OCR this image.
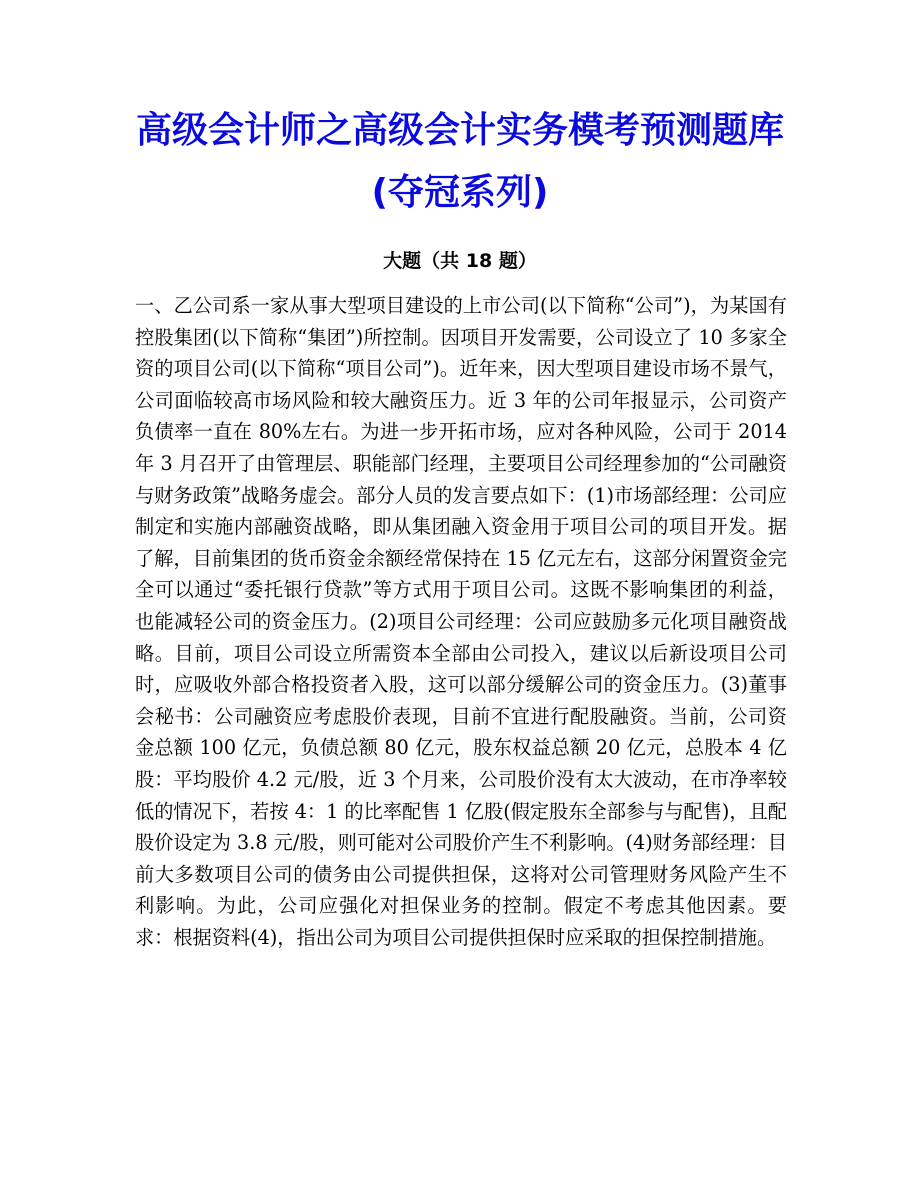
高级会计师之高级会计实务模考预测题库(夺冠系列)
大题（共 18 题）

一、乙公司系一家从事大型项目建设的上市公司(以下简称“公司”)，为某国有控股集团(以下简称“集团”)所控制。因项目开发需要，公司设立了 10 多家全资的项目公司(以下简称“项目公司”)。近年来，因大型项目建设市场不景气，公司面临较高市场风险和较大融资压力。近 3 年的公司年报显示，公司资产负债率一直在 80%左右。为进一步开拓市场，应对各种风险，公司于 2014 年 3 月召开了由管理层、职能部门经理，主要项目公司经理参加的“公司融资与财务政策”战略务虚会。部分人员的发言要点如下：(1)市场部经理：公司应制定和实施内部融资战略，即从集团融入资金用于项目公司的项目开发。据了解，目前集团的货币资金余额经常保持在 15 亿元左右，这部分闲置资金完全可以通过“委托银行贷款”等方式用于项目公司。这既不影响集团的利益，也能减轻公司的资金压力。(2)项目公司经理：公司应鼓励多元化项目融资战略。目前，项目公司设立所需资本全部由公司投入，建议以后新设项目公司时，应吸收外部合格投资者入股，这可以部分缓解公司的资金压力。(3)董事会秘书：公司融资应考虑股价表现，目前不宜进行配股融资。当前，公司资金总额 100 亿元，负债总额 80 亿元，股东权益总额 20 亿元，总股本 4 亿股：平均股价 4.2 元/股，近 3 个月来，公司股价没有太大波动，在市净率较低的情况下，若按 4：1 的比率配售 1 亿股(假定股东全部参与与配售)，且配股价设定为 3.8 元/股，则可能对公司股价产生不利影响。(4)财务部经理：目前大多数项目公司的债务由公司提供担保，这将对公司管理财务风险产生不利影响。为此，公司应强化对担保业务的控制。假定不考虑其他因素。要求：根据资料(4)，指出公司为项目公司提供担保时应采取的担保控制措施。
